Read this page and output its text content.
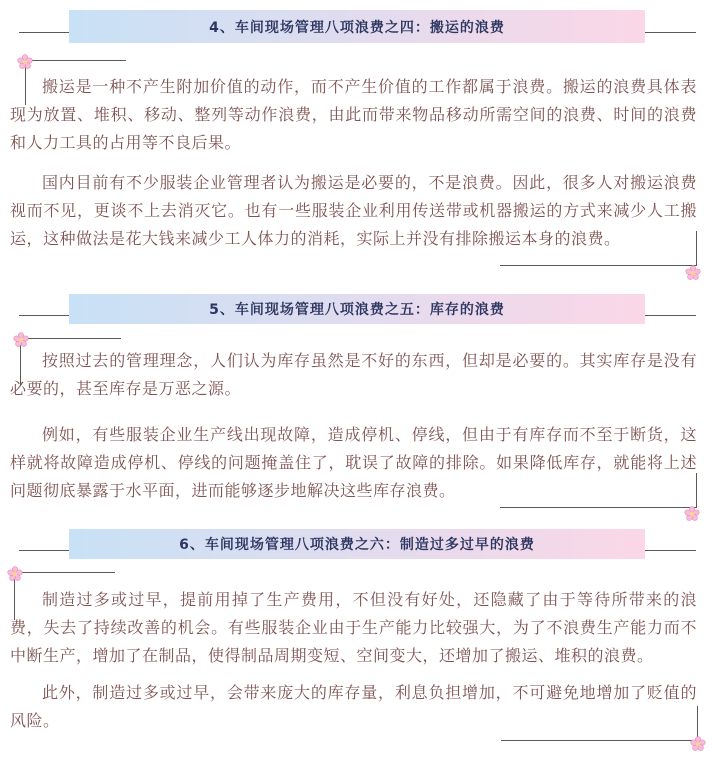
4、车间现场管理八项浪费之四：搬运的浪费

搬运是一种不产生附加价值的动作，而不产生价值的工作都属于浪费。搬运的浪费具体表现为放置、堆积、移动、整列等动作浪费，由此而带来物品移动所需空间的浪费、时间的浪费和人力工具的占用等不良后果。

国内目前有不少服装企业管理者认为搬运是必要的，不是浪费。因此，很多人对搬运浪费视而不见，更谈不上去消灭它。也有一些服装企业利用传送带或机器搬运的方式来减少人工搬运，这种做法是花大钱来减少工人体力的消耗，实际上并没有排除搬运本身的浪费。

5、车间现场管理八项浪费之五：库存的浪费

按照过去的管理理念，人们认为库存虽然是不好的东西，但却是必要的。其实库存是没有必要的，甚至库存是万恶之源。

例如，有些服装企业生产线出现故障，造成停机、停线，但由于有库存而不至于断货，这样就将故障造成停机、停线的问题掩盖住了，耽误了故障的排除。如果降低库存，就能将上述问题彻底暴露于水平面，进而能够逐步地解决这些库存浪费。

6、车间现场管理八项浪费之六：制造过多过早的浪费

制造过多或过早，提前用掉了生产费用，不但没有好处，还隐藏了由于等待所带来的浪费，失去了持续改善的机会。有些服装企业由于生产能力比较强大，为了不浪费生产能力而不中断生产，增加了在制品，使得制品周期变短、空间变大，还增加了搬运、堆积的浪费。

此外，制造过多或过早，会带来庞大的库存量，利息负担增加，不可避免地增加了贬值的风险。
